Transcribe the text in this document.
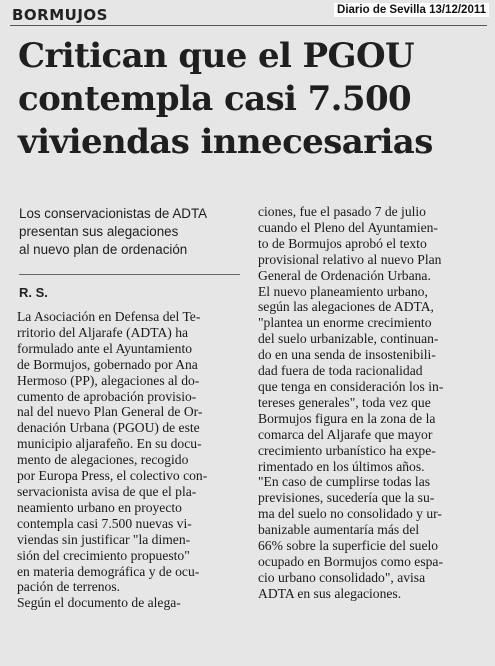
BORMUJOS	Diario de Sevilla 13/12/2011
Critican que el PGOU
contempla casi 7.500
viviendas innecesarias
Los conservacionistas de ADTA
presentan sus alegaciones
al nuevo plan de ordenación
R. S.
La Asociación en Defensa del Te-
rritorio del Aljarafe (ADTA) ha
formulado ante el Ayuntamiento
de Bormujos, gobernado por Ana
Hermoso (PP), alegaciones al do-
cumento de aprobación provisio-
nal del nuevo Plan General de Or-
denación Urbana (PGOU) de este
municipio aljarafeño. En su docu-
mento de alegaciones, recogido
por Europa Press, el colectivo con-
servacionista avisa de que el pla-
neamiento urbano en proyecto
contempla casi 7.500 nuevas vi-
viendas sin justificar "la dimen-
sión del crecimiento propuesto"
en materia demográfica y de ocu-
pación de terrenos.
Según el documento de alega-
ciones, fue el pasado 7 de julio
cuando el Pleno del Ayuntamien-
to de Bormujos aprobó el texto
provisional relativo al nuevo Plan
General de Ordenación Urbana.
El nuevo planeamiento urbano,
según las alegaciones de ADTA,
"plantea un enorme crecimiento
del suelo urbanizable, continuan-
do en una senda de insostenibili-
dad fuera de toda racionalidad
que tenga en consideración los in-
tereses generales", toda vez que
Bormujos figura en la zona de la
comarca del Aljarafe que mayor
crecimiento urbanístico ha expe-
rimentado en los últimos años.
"En caso de cumplirse todas las
previsiones, sucedería que la su-
ma del suelo no consolidado y ur-
banizable aumentaría más del
66% sobre la superficie del suelo
ocupado en Bormujos como espa-
cio urbano consolidado", avisa
ADTA en sus alegaciones.
